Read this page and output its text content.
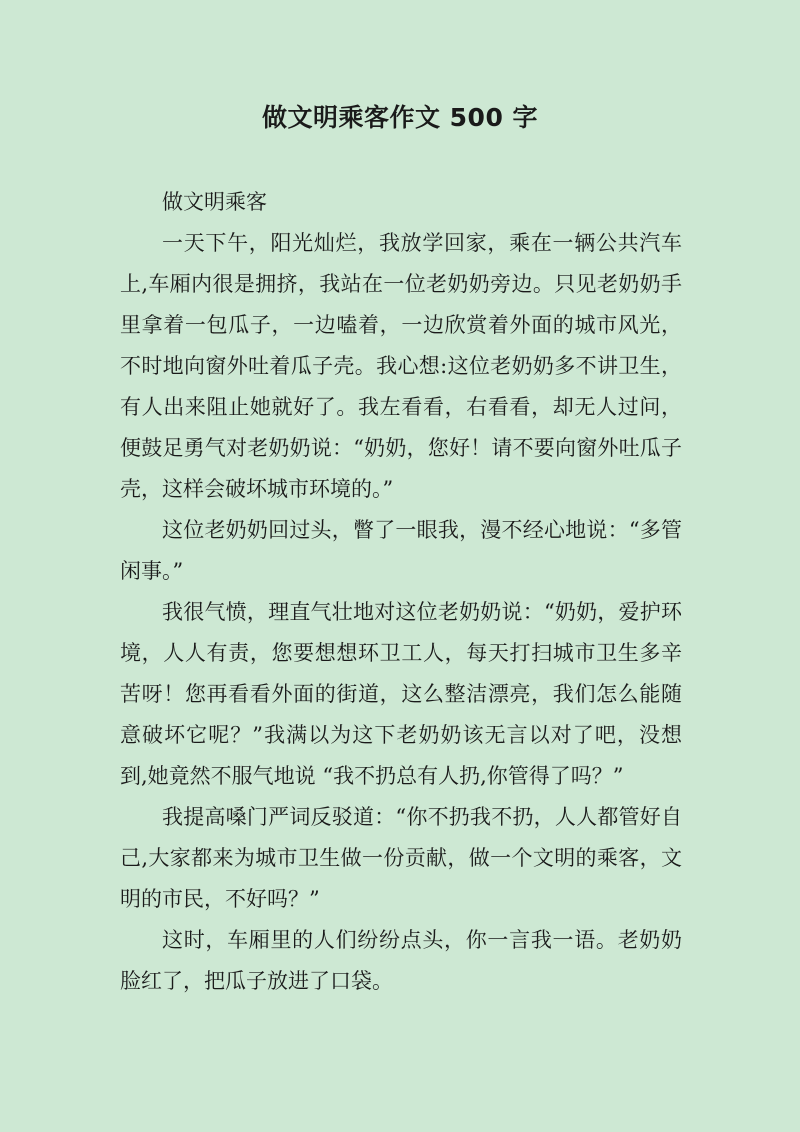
做文明乘客作文 500 字

做文明乘客

一天下午，阳光灿烂，我放学回家，乘在一辆公共汽车上,车厢内很是拥挤，我站在一位老奶奶旁边。只见老奶奶手里拿着一包瓜子，一边嗑着，一边欣赏着外面的城市风光，不时地向窗外吐着瓜子壳。我心想:这位老奶奶多不讲卫生，有人出来阻止她就好了。我左看看，右看看，却无人过问，便鼓足勇气对老奶奶说：“奶奶，您好！请不要向窗外吐瓜子壳，这样会破坏城市环境的。”

这位老奶奶回过头，瞥了一眼我，漫不经心地说：“多管闲事。”

我很气愤，理直气壮地对这位老奶奶说：“奶奶，爱护环境，人人有责，您要想想环卫工人，每天打扫城市卫生多辛苦呀！您再看看外面的街道，这么整洁漂亮，我们怎么能随意破坏它呢？”我满以为这下老奶奶该无言以对了吧，没想到,她竟然不服气地说 “我不扔总有人扔,你管得了吗？”

我提高嗓门严词反驳道：“你不扔我不扔，人人都管好自己,大家都来为城市卫生做一份贡献，做一个文明的乘客，文明的市民，不好吗？”

这时，车厢里的人们纷纷点头，你一言我一语。老奶奶脸红了，把瓜子放进了口袋。
